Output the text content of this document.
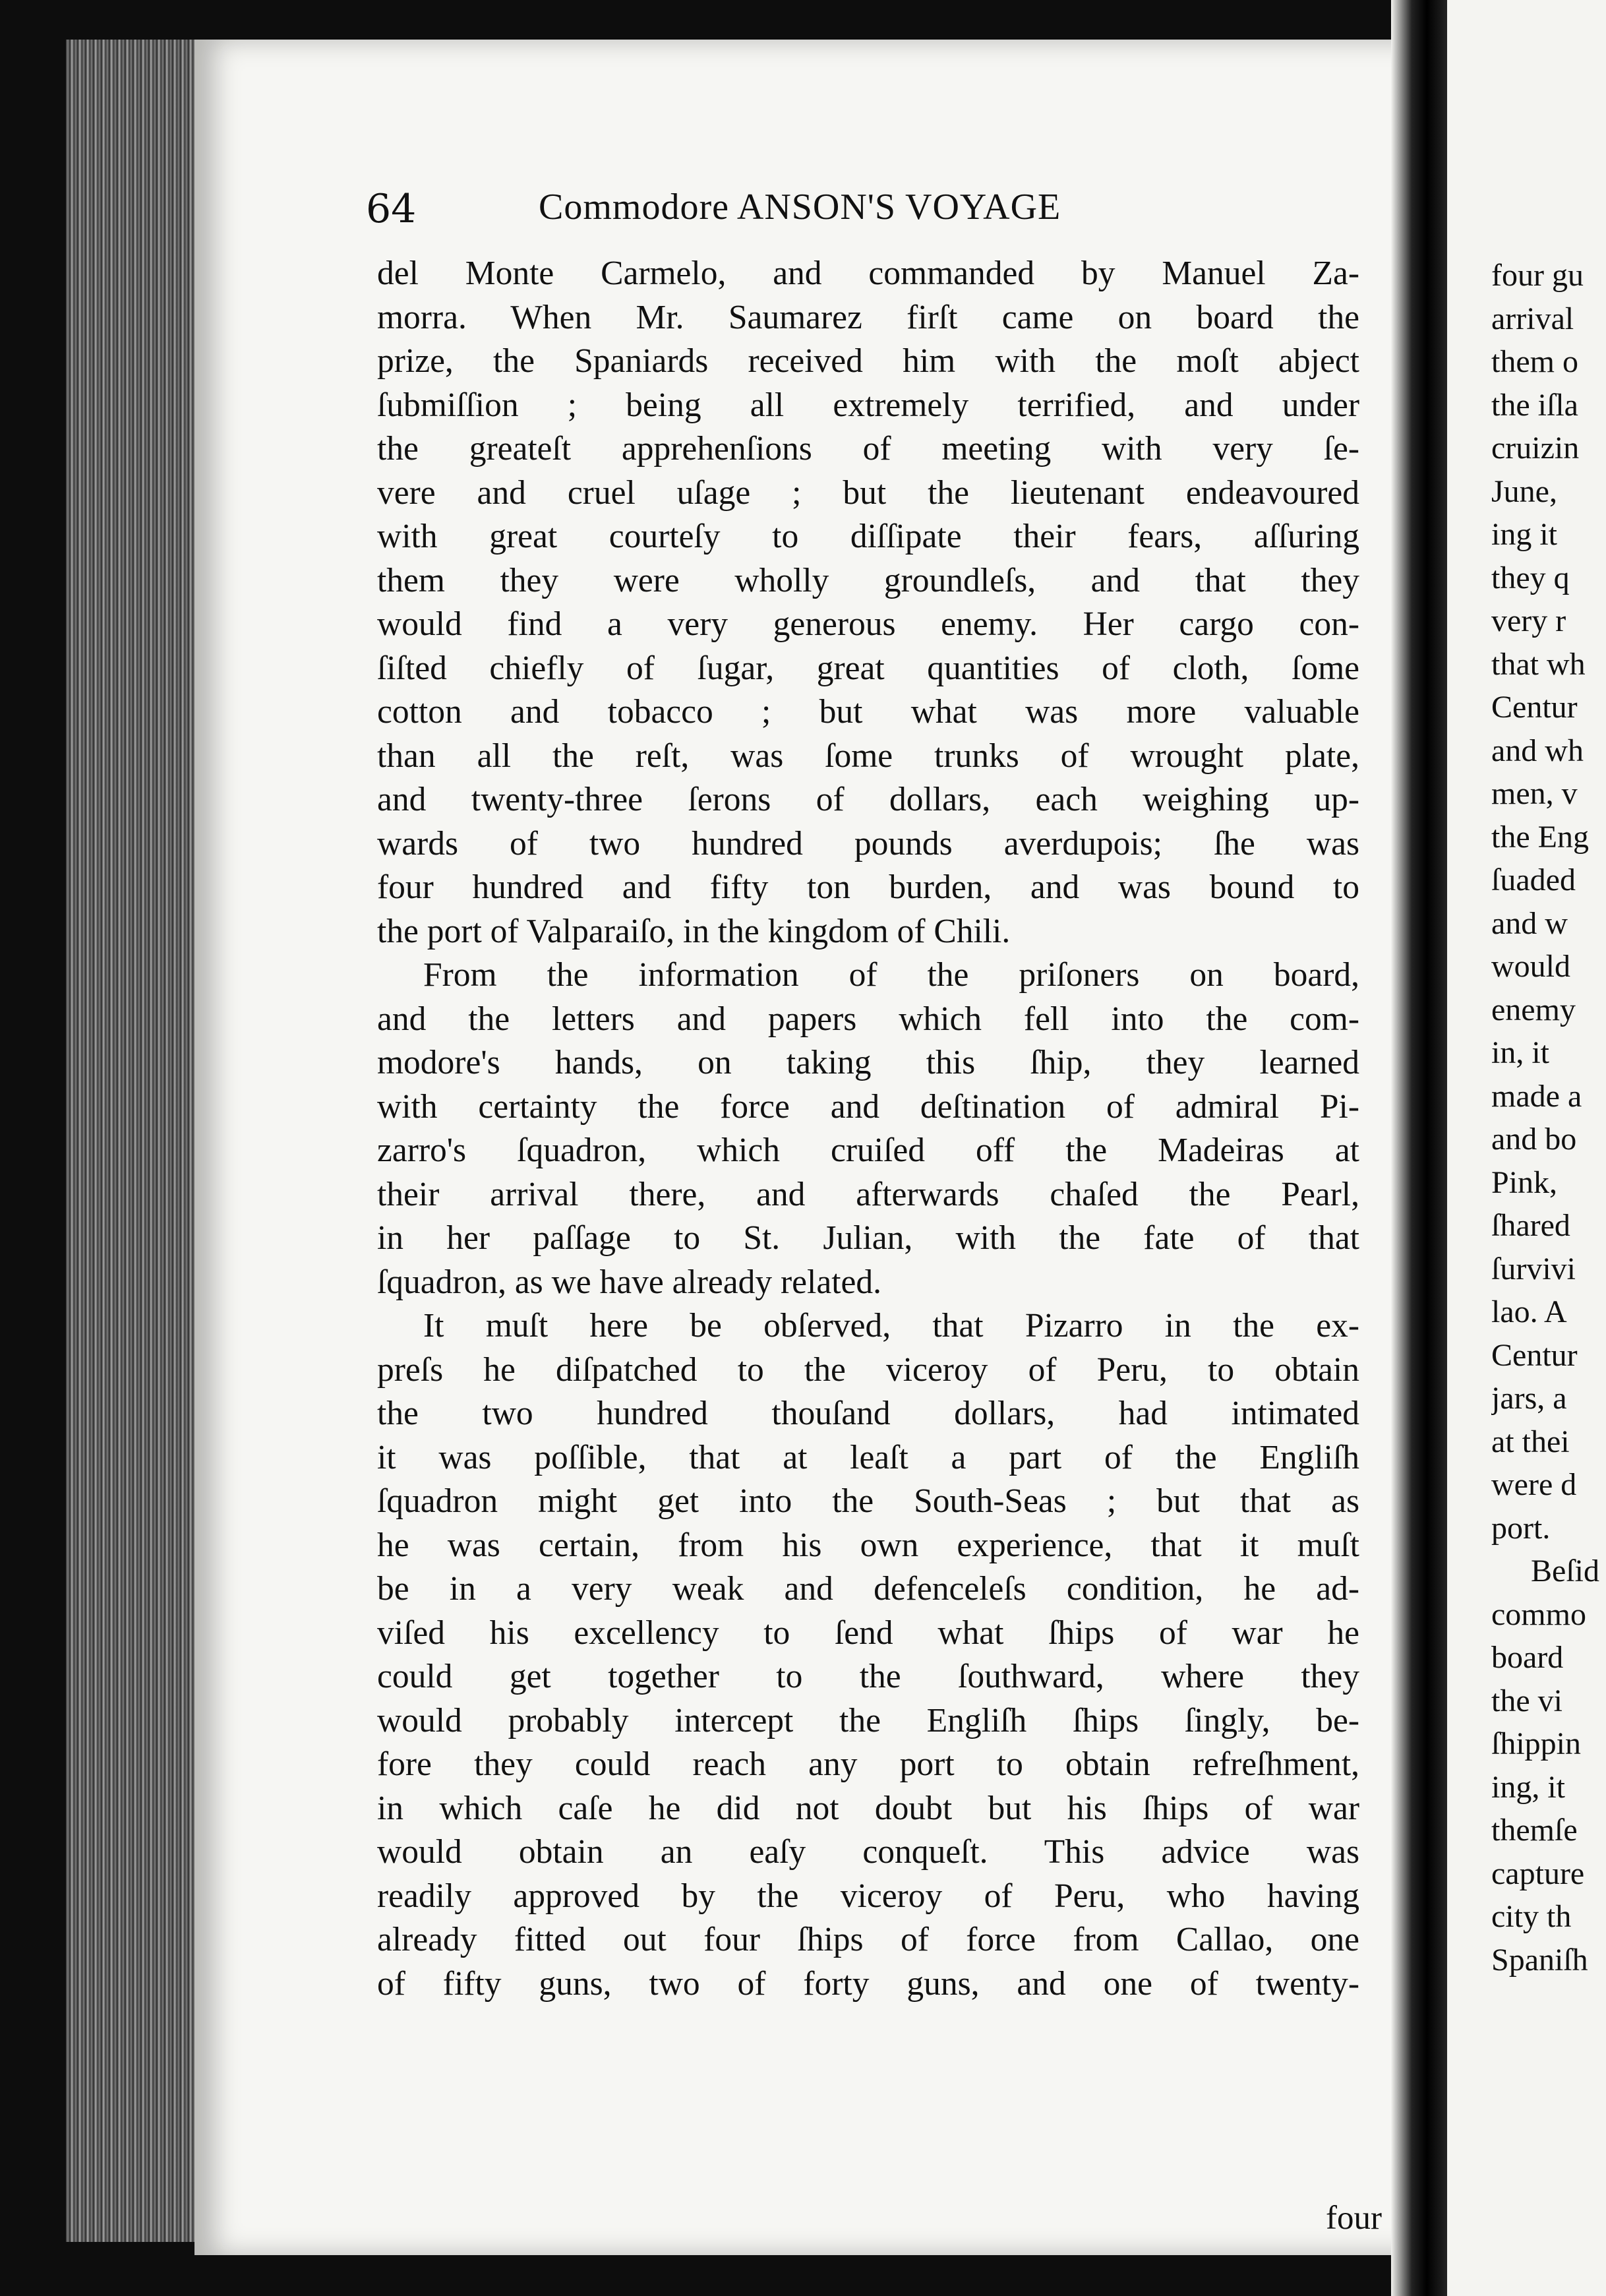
64	Commodore ANSON'S VOYAGE
del Monte Carmelo, and commanded by Manuel Za-
morra. When Mr. Saumarez firſt came on board the
prize, the Spaniards received him with the moſt abject
ſubmiſſion ; being all extremely terrified, and under
the greateſt apprehenſions of meeting with very ſe-
vere and cruel uſage ; but the lieutenant endeavoured
with great courteſy to diſſipate their fears, aſſuring
them they were wholly groundleſs, and that they
would find a very generous enemy. Her cargo con-
ſiſted chiefly of ſugar, great quantities of cloth, ſome
cotton and tobacco ; but what was more valuable
than all the reſt, was ſome trunks of wrought plate,
and twenty-three ſerons of dollars, each weighing up-
wards of two hundred pounds averdupois; ſhe was
four hundred and fifty ton burden, and was bound to
the port of Valparaiſo, in the kingdom of Chili.
From the information of the priſoners on board,
and the letters and papers which fell into the com-
modore's hands, on taking this ſhip, they learned
with certainty the force and deſtination of admiral Pi-
zarro's ſquadron, which cruiſed off the Madeiras at
their arrival there, and afterwards chaſed the Pearl,
in her paſſage to St. Julian, with the fate of that
ſquadron, as we have already related.
It muſt here be obſerved, that Pizarro in the ex-
preſs he diſpatched to the viceroy of Peru, to obtain
the two hundred thouſand dollars, had intimated
it was poſſible, that at leaſt a part of the Engliſh
ſquadron might get into the South-Seas ; but that as
he was certain, from his own experience, that it muſt
be in a very weak and defenceleſs condition, he ad-
viſed his excellency to ſend what ſhips of war he
could get together to the ſouthward, where they
would probably intercept the Engliſh ſhips ſingly, be-
fore they could reach any port to obtain refreſhment,
in which caſe he did not doubt but his ſhips of war
would obtain an eaſy conqueſt. This advice was
readily approved by the viceroy of Peru, who having
already fitted out four ſhips of force from Callao, one
of fifty guns, two of forty guns, and one of twenty-
four
four gu
arrival
them o
the iſla
cruizin
June,
ing it
they q
very r
that wh
Centur
and wh
men, v
the Eng
ſuaded
and w
would
enemy
in, it
made a
and bo
Pink,
ſhared
ſurvivi
lao. A
Centur
jars, a
at thei
were d
port.
Beſid
commo
board
the vi
ſhippin
ing, it
themſe
capture
city th
Spaniſh
